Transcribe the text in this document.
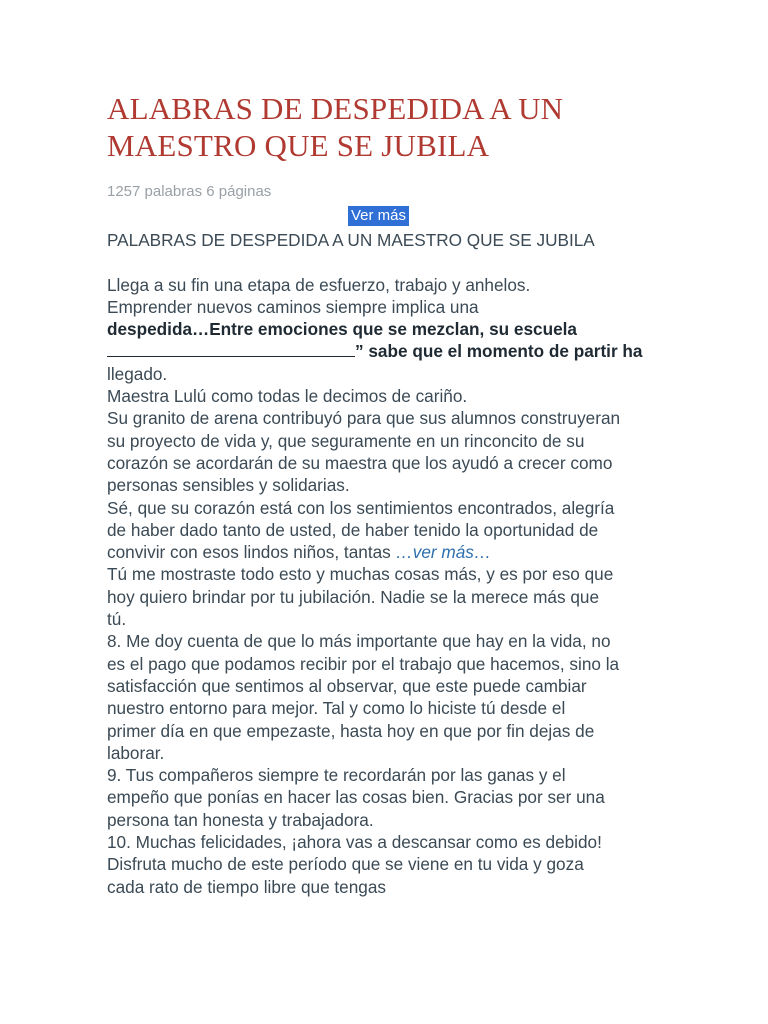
ALABRAS DE DESPEDIDA A UN
MAESTRO QUE SE JUBILA
1257 palabras 6 páginas
Ver más
PALABRAS DE DESPEDIDA A UN MAESTRO QUE SE JUBILA
Llega a su fin una etapa de esfuerzo, trabajo y anhelos.
Emprender nuevos caminos siempre implica una
despedida…Entre emociones que se mezclan, su escuela
” sabe que el momento de partir ha
llegado.
Maestra Lulú como todas le decimos de cariño.
Su granito de arena contribuyó para que sus alumnos construyeran
su proyecto de vida y, que seguramente en un rinconcito de su
corazón se acordarán de su maestra que los ayudó a crecer como
personas sensibles y solidarias.
Sé, que su corazón está con los sentimientos encontrados, alegría
de haber dado tanto de usted, de haber tenido la oportunidad de
convivir con esos lindos niños, tantas …ver más…
Tú me mostraste todo esto y muchas cosas más, y es por eso que
hoy quiero brindar por tu jubilación. Nadie se la merece más que
tú.
8. Me doy cuenta de que lo más importante que hay en la vida, no
es el pago que podamos recibir por el trabajo que hacemos, sino la
satisfacción que sentimos al observar, que este puede cambiar
nuestro entorno para mejor. Tal y como lo hiciste tú desde el
primer día en que empezaste, hasta hoy en que por fin dejas de
laborar.
9. Tus compañeros siempre te recordarán por las ganas y el
empeño que ponías en hacer las cosas bien. Gracias por ser una
persona tan honesta y trabajadora.
10. Muchas felicidades, ¡ahora vas a descansar como es debido!
Disfruta mucho de este período que se viene en tu vida y goza
cada rato de tiempo libre que tengas
